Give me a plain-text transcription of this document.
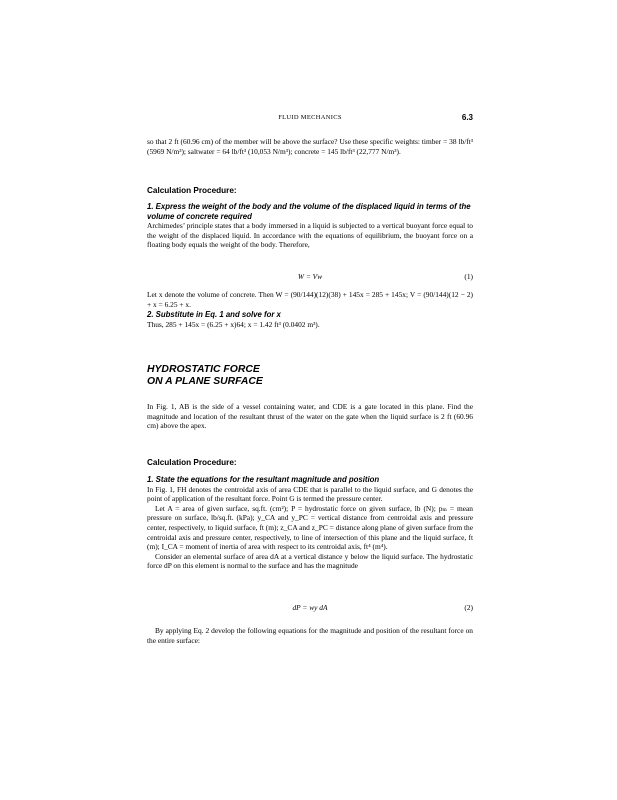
FLUID MECHANICS	6.3

so that 2 ft (60.96 cm) of the member will be above the surface? Use these specific weights: timber = 38 lb/ft³ (5969 N/m³); saltwater = 64 lb/ft³ (10,053 N/m³); concrete = 145 lb/ft³ (22,777 N/m³).

Calculation Procedure:

1. Express the weight of the body and the volume of the displaced liquid in terms of the volume of concrete required

Archimedes’ principle states that a body immersed in a liquid is subjected to a vertical buoyant force equal to the weight of the displaced liquid. In accordance with the equations of equilibrium, the buoyant force on a floating body equals the weight of the body. Therefore,

W = Vw	(1)

Let x denote the volume of concrete. Then W = (90/144)(12)(38) + 145x = 285 + 145x; V = (90/144)(12 − 2) + x = 6.25 + x.

2. Substitute in Eq. 1 and solve for x

Thus, 285 + 145x = (6.25 + x)64; x = 1.42 ft³ (0.0402 m³).

HYDROSTATIC FORCE

ON A PLANE SURFACE

In Fig. 1, AB is the side of a vessel containing water, and CDE is a gate located in this plane. Find the magnitude and location of the resultant thrust of the water on the gate when the liquid surface is 2 ft (60.96 cm) above the apex.

Calculation Procedure:

1. State the equations for the resultant magnitude and position

In Fig. 1, FH denotes the centroidal axis of area CDE that is parallel to the liquid surface, and G denotes the point of application of the resultant force. Point G is termed the pressure center.

Let A = area of given surface, sq.ft. (cm²); P = hydrostatic force on given surface, lb (N); pₘ = mean pressure on surface, lb/sq.ft. (kPa); y_CA and y_PC = vertical distance from centroidal axis and pressure center, respectively, to liquid surface, ft (m); z_CA and z_PC = distance along plane of given surface from the centroidal axis and pressure center, respectively, to line of intersection of this plane and the liquid surface, ft (m); I_CA = moment of inertia of area with respect to its centroidal axis, ft⁴ (m⁴).

Consider an elemental surface of area dA at a vertical distance y below the liquid surface. The hydrostatic force dP on this element is normal to the surface and has the magnitude

dP = wy dA	(2)

By applying Eq. 2 develop the following equations for the magnitude and position of the resultant force on the entire surface:
